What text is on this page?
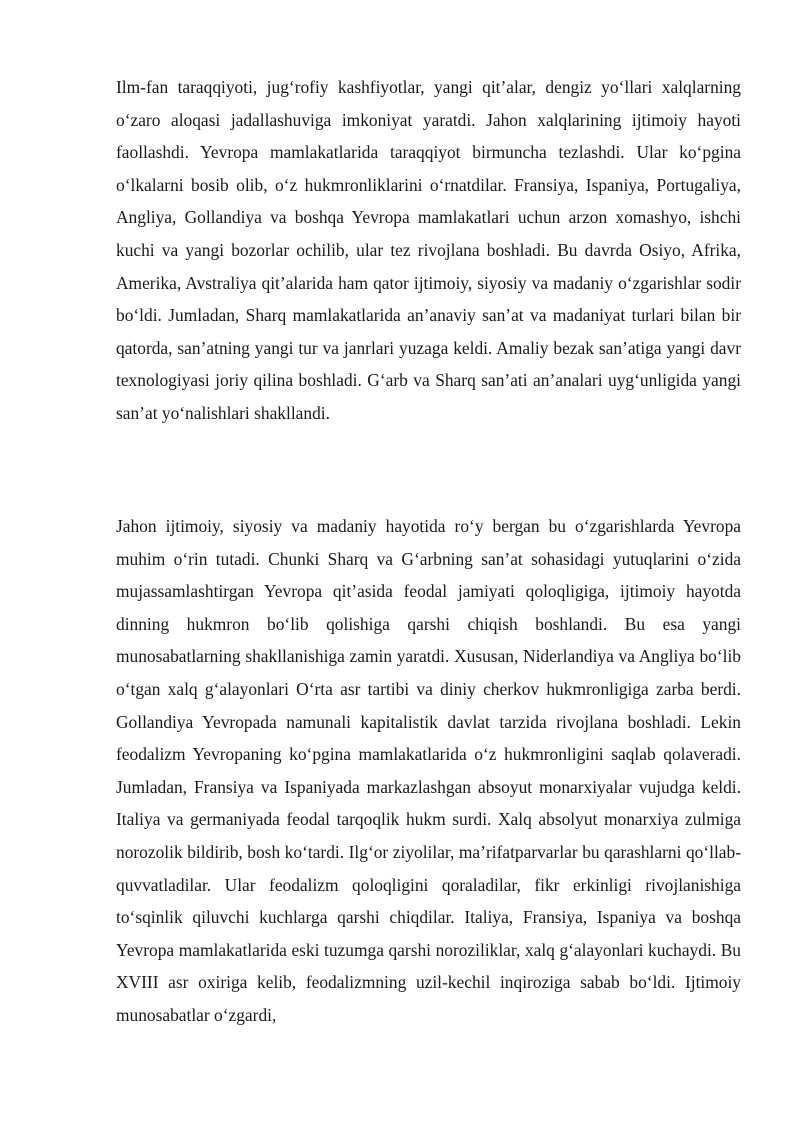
Ilm-fan taraqqiyoti, jug‘rofiy kashfiyotlar, yangi qit’alar, dengiz yo‘llari xalqlarning o‘zaro aloqasi jadallashuviga imkoniyat yaratdi. Jahon xalqlarining ijtimoiy hayoti faollashdi. Yevropa mamlakatlarida taraqqiyot birmuncha tezlashdi. Ular ko‘pgina o‘lkalarni bosib olib, o‘z hukmronliklarini o‘rnatdilar. Fransiya, Ispaniya, Portugaliya, Angliya, Gollandiya va boshqa Yevropa mamlakatlari uchun arzon xomashyo, ishchi kuchi va yangi bozorlar ochilib, ular tez rivojlana boshladi. Bu davrda Osiyo, Afrika, Amerika, Avstraliya qit’alarida ham qator ijtimoiy, siyosiy va madaniy o‘zgarishlar sodir bo‘ldi. Jumladan, Sharq mamlakatlarida an’anaviy san’at va madaniyat turlari bilan bir qatorda, san’atning yangi tur va janrlari yuzaga keldi. Amaliy bezak san’atiga yangi davr texnologiyasi joriy qilina boshladi. G‘arb va Sharq san’ati an’analari uyg‘unligida yangi san’at yo‘nalishlari shakllandi.

Jahon ijtimoiy, siyosiy va madaniy hayotida ro‘y bergan bu o‘zgarishlarda Yevropa muhim o‘rin tutadi. Chunki Sharq va G‘arbning san’at sohasidagi yutuqlarini o‘zida mujassamlashtirgan Yevropa qit’asida feodal jamiyati qoloqligiga, ijtimoiy hayotda dinning hukmron bo‘lib qolishiga qarshi chiqish boshlandi. Bu esa yangi munosabatlarning shakllanishiga zamin yaratdi. Xususan, Niderlandiya va Angliya bo‘lib o‘tgan xalq g‘alayonlari O‘rta asr tartibi va diniy cherkov hukmronligiga zarba berdi. Gollandiya Yevropada namunali kapitalistik davlat tarzida rivojlana boshladi. Lekin feodalizm Yevropaning ko‘pgina mamlakatlarida o‘z hukmronligini saqlab qolaveradi. Jumladan, Fransiya va Ispaniyada markazlashgan absoyut monarxiyalar vujudga keldi. Italiya va germaniyada feodal tarqoqlik hukm surdi. Xalq absolyut monarxiya zulmiga norozolik bildirib, bosh ko‘tardi. Ilg‘or ziyolilar, ma’rifatparvarlar bu qarashlarni qo‘llab-quvvatladilar. Ular feodalizm qoloqligini qoraladilar, fikr erkinligi rivojlanishiga to‘sqinlik qiluvchi kuchlarga qarshi chiqdilar. Italiya, Fransiya, Ispaniya va boshqa Yevropa mamlakatlarida eski tuzumga qarshi noroziliklar, xalq g‘alayonlari kuchaydi. Bu XVIII asr oxiriga kelib, feodalizmning uzil-kechil inqiroziga sabab bo‘ldi. Ijtimoiy munosabatlar o‘zgardi,
